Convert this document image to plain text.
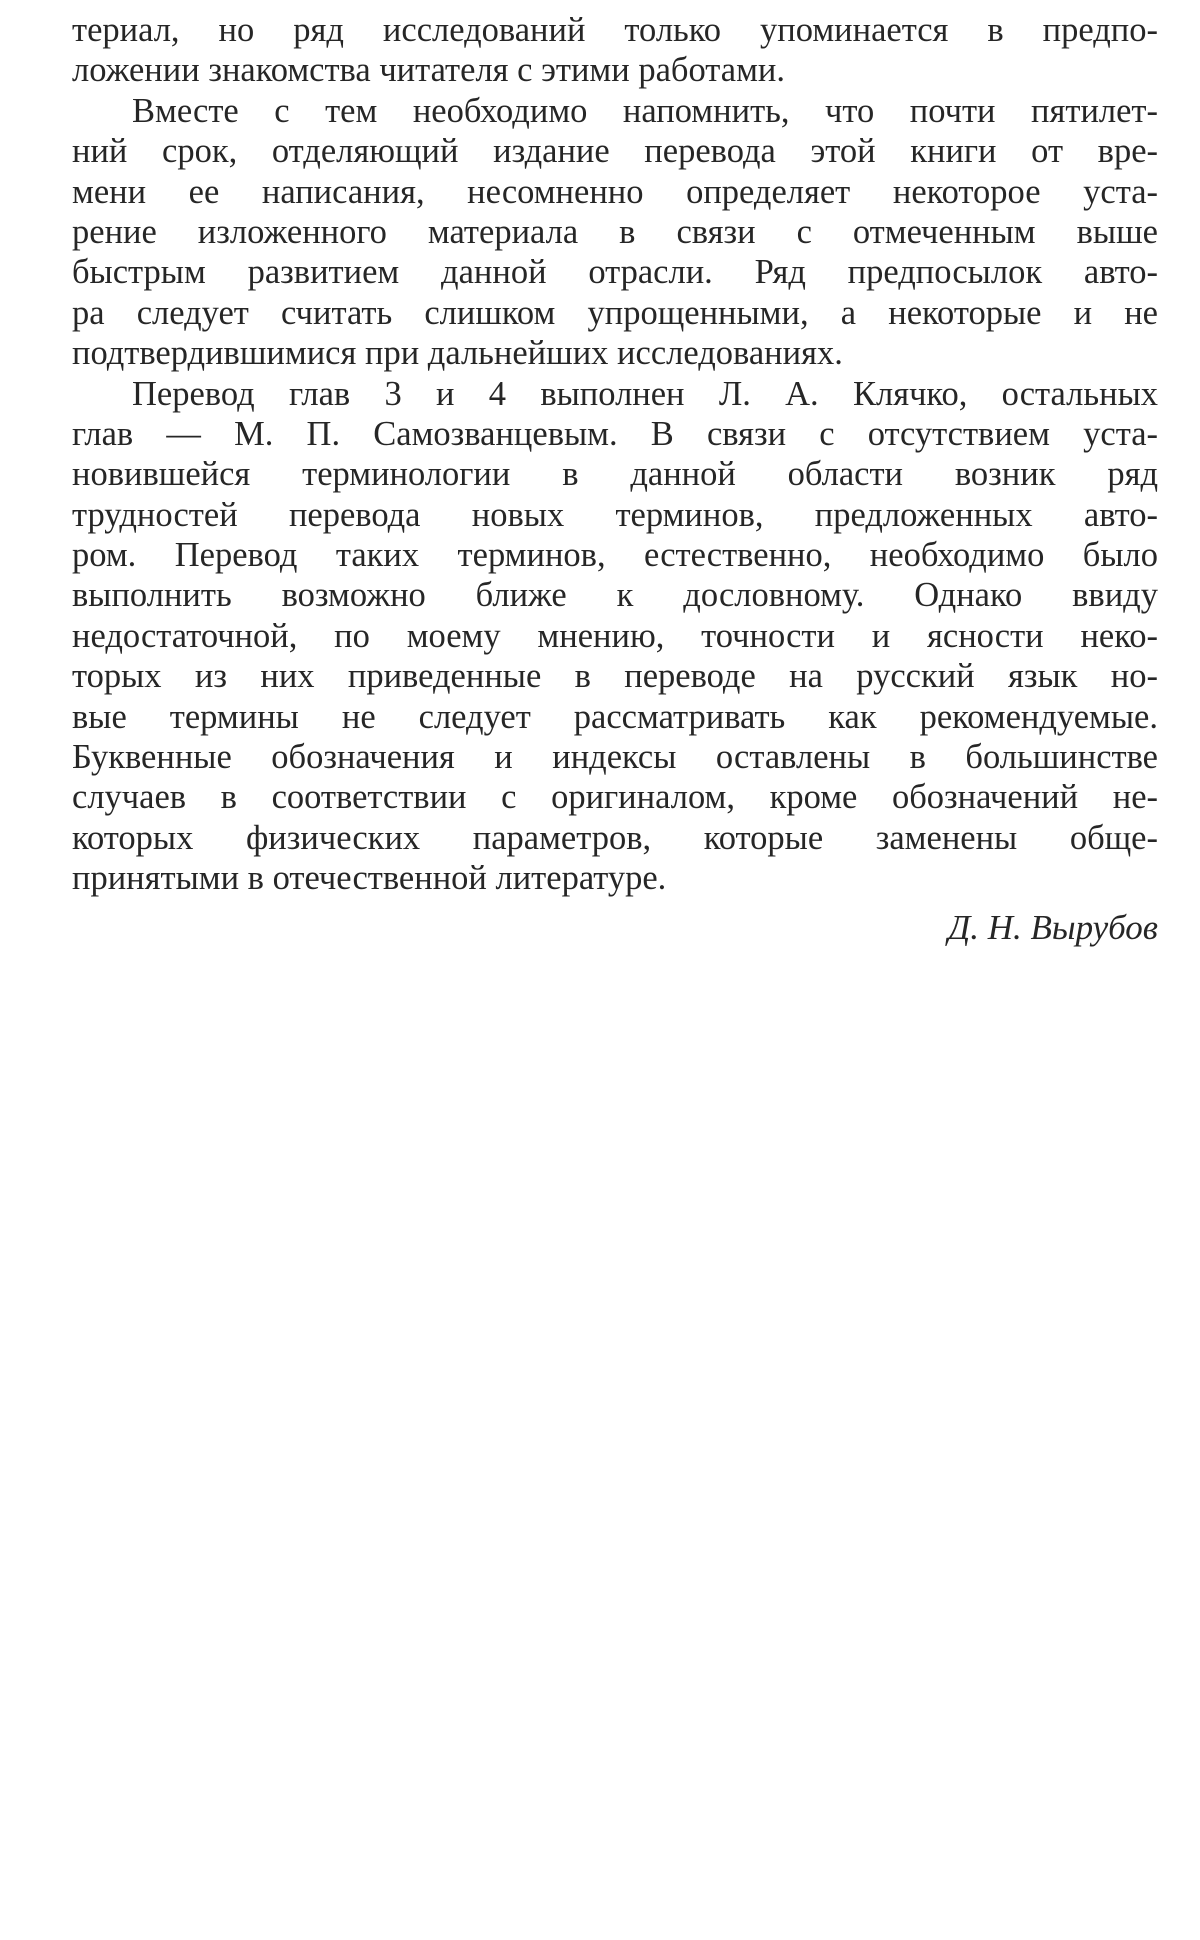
териал, но ряд исследований только упоминается в предпо-
ложении знакомства читателя с этими работами.
Вместе с тем необходимо напомнить, что почти пятилет-
ний срок, отделяющий издание перевода этой книги от вре-
мени ее написания, несомненно определяет некоторое уста-
рение изложенного материала в связи с отмеченным выше
быстрым развитием данной отрасли. Ряд предпосылок авто-
ра следует считать слишком упрощенными, а некоторые и не
подтвердившимися при дальнейших исследованиях.
Перевод глав 3 и 4 выполнен Л. А. Клячко, остальных
глав — М. П. Самозванцевым. В связи с отсутствием уста-
новившейся терминологии в данной области возник ряд
трудностей перевода новых терминов, предложенных авто-
ром. Перевод таких терминов, естественно, необходимо было
выполнить возможно ближе к дословному. Однако ввиду
недостаточной, по моему мнению, точности и ясности неко-
торых из них приведенные в переводе на русский язык но-
вые термины не следует рассматривать как рекомендуемые.
Буквенные обозначения и индексы оставлены в большинстве
случаев в соответствии с оригиналом, кроме обозначений не-
которых физических параметров, которые заменены обще-
принятыми в отечественной литературе.
Д. Н. Вырубов
